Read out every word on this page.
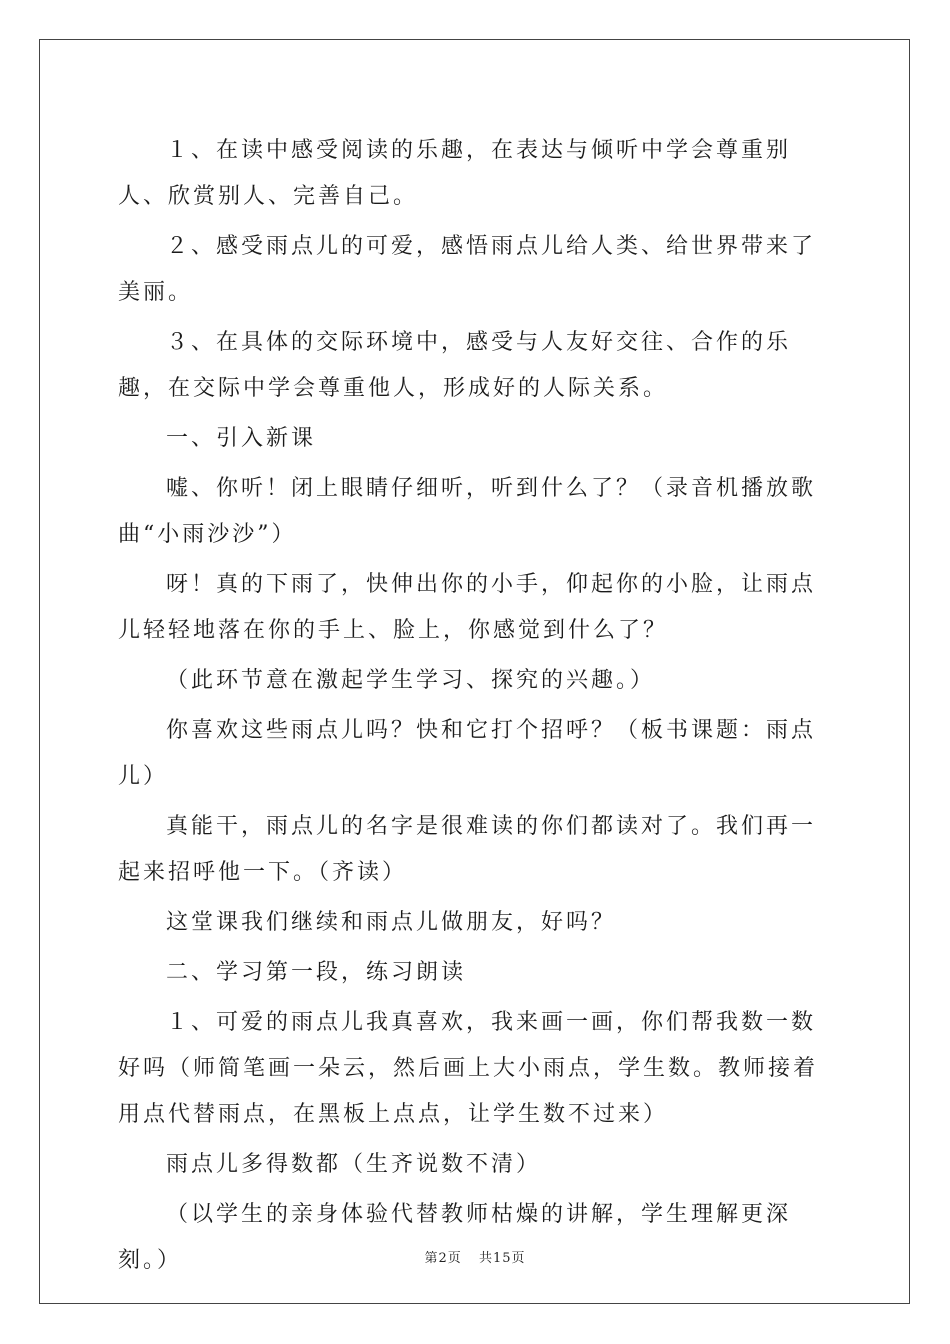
１、在读中感受阅读的乐趣，在表达与倾听中学会尊重别人、欣赏别人、完善自己。

２、感受雨点儿的可爱，感悟雨点儿给人类、给世界带来了美丽。

３、在具体的交际环境中，感受与人友好交往、合作的乐趣，在交际中学会尊重他人，形成好的人际关系。

一、引入新课

嘘、你听！闭上眼睛仔细听，听到什么了？（录音机播放歌曲“小雨沙沙”）

呀！真的下雨了，快伸出你的小手，仰起你的小脸，让雨点儿轻轻地落在你的手上、脸上，你感觉到什么了？

（此环节意在激起学生学习、探究的兴趣。）

你喜欢这些雨点儿吗？快和它打个招呼？（板书课题：雨点儿）

真能干，雨点儿的名字是很难读的你们都读对了。我们再一起来招呼他一下。（齐读）

这堂课我们继续和雨点儿做朋友，好吗？

二、学习第一段，练习朗读

１、可爱的雨点儿我真喜欢，我来画一画，你们帮我数一数好吗（师简笔画一朵云，然后画上大小雨点，学生数。教师接着用点代替雨点，在黑板上点点，让学生数不过来）

雨点儿多得数都（生齐说数不清）

（以学生的亲身体验代替教师枯燥的讲解，学生理解更深刻。）	第2页 共15页
